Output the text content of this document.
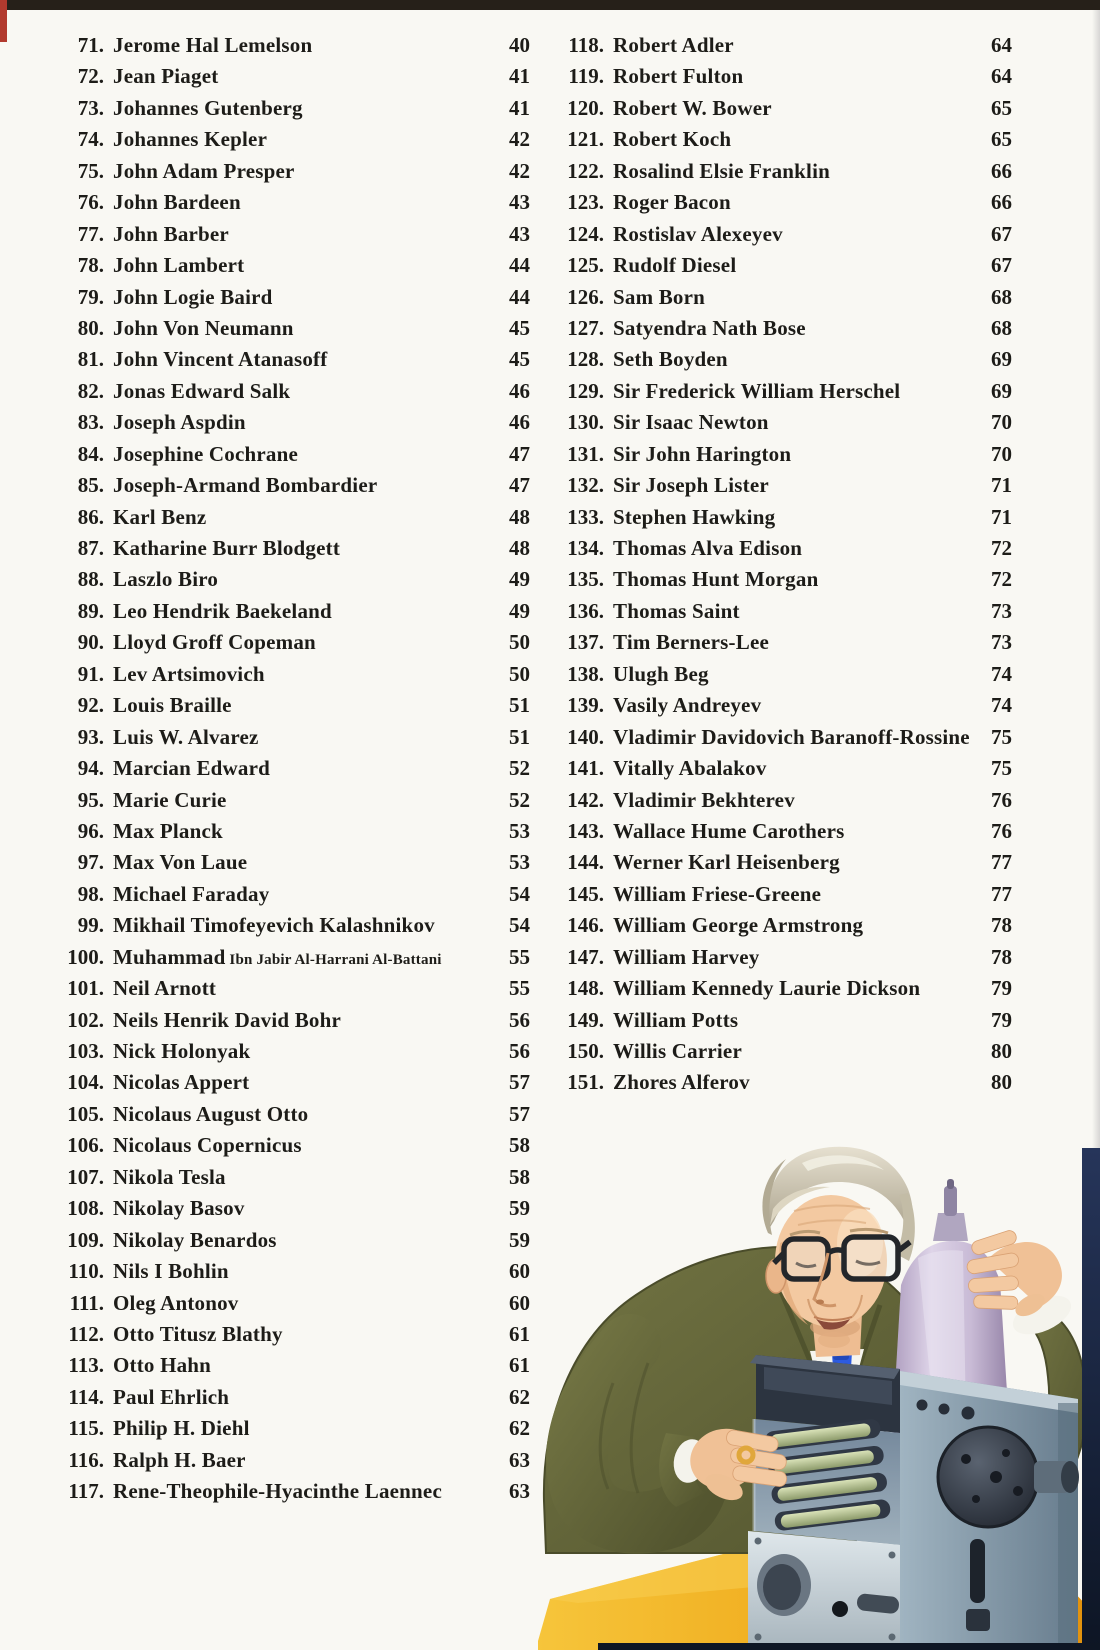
71. Jerome Hal Lemelson	40
72. Jean Piaget	41
73. Johannes Gutenberg	41
74. Johannes Kepler	42
75. John Adam Presper	42
76. John Bardeen	43
77. John Barber	43
78. John Lambert	44
79. John Logie Baird	44
80. John Von Neumann	45
81. John Vincent Atanasoff	45
82. Jonas Edward Salk	46
83. Joseph Aspdin	46
84. Josephine Cochrane	47
85. Joseph-Armand Bombardier	47
86. Karl Benz	48
87. Katharine Burr Blodgett	48
88. Laszlo Biro	49
89. Leo Hendrik Baekeland	49
90. Lloyd Groff Copeman	50
91. Lev Artsimovich	50
92. Louis Braille	51
93. Luis W. Alvarez	51
94. Marcian Edward	52
95. Marie Curie	52
96. Max Planck	53
97. Max Von Laue	53
98. Michael Faraday	54
99. Mikhail Timofeyevich Kalashnikov	54
100. Muhammad Ibn Jabir Al-Harrani Al-Battani	55
101. Neil Arnott	55
102. Neils Henrik David Bohr	56
103. Nick Holonyak	56
104. Nicolas Appert	57
105. Nicolaus August Otto	57
106. Nicolaus Copernicus	58
107. Nikola Tesla	58
108. Nikolay Basov	59
109. Nikolay Benardos	59
110. Nils I Bohlin	60
111. Oleg Antonov	60
112. Otto Titusz Blathy	61
113. Otto Hahn	61
114. Paul Ehrlich	62
115. Philip H. Diehl	62
116. Ralph H. Baer	63
117. Rene-Theophile-Hyacinthe Laennec	63
118. Robert Adler	64
119. Robert Fulton	64
120. Robert W. Bower	65
121. Robert Koch	65
122. Rosalind Elsie Franklin	66
123. Roger Bacon	66
124. Rostislav Alexeyev	67
125. Rudolf Diesel	67
126. Sam Born	68
127. Satyendra Nath Bose	68
128. Seth Boyden	69
129. Sir Frederick William Herschel	69
130. Sir Isaac Newton	70
131. Sir John Harington	70
132. Sir Joseph Lister	71
133. Stephen Hawking	71
134. Thomas Alva Edison	72
135. Thomas Hunt Morgan	72
136. Thomas Saint	73
137. Tim Berners-Lee	73
138. Ulugh Beg	74
139. Vasily Andreyev	74
140. Vladimir Davidovich Baranoff-Rossine	75
141. Vitally Abalakov	75
142. Vladimir Bekhterev	76
143. Wallace Hume Carothers	76
144. Werner Karl Heisenberg	77
145. William Friese-Greene	77
146. William George Armstrong	78
147. William Harvey	78
148. William Kennedy Laurie Dickson	79
149. William Potts	79
150. Willis Carrier	80
151. Zhores Alferov	80
